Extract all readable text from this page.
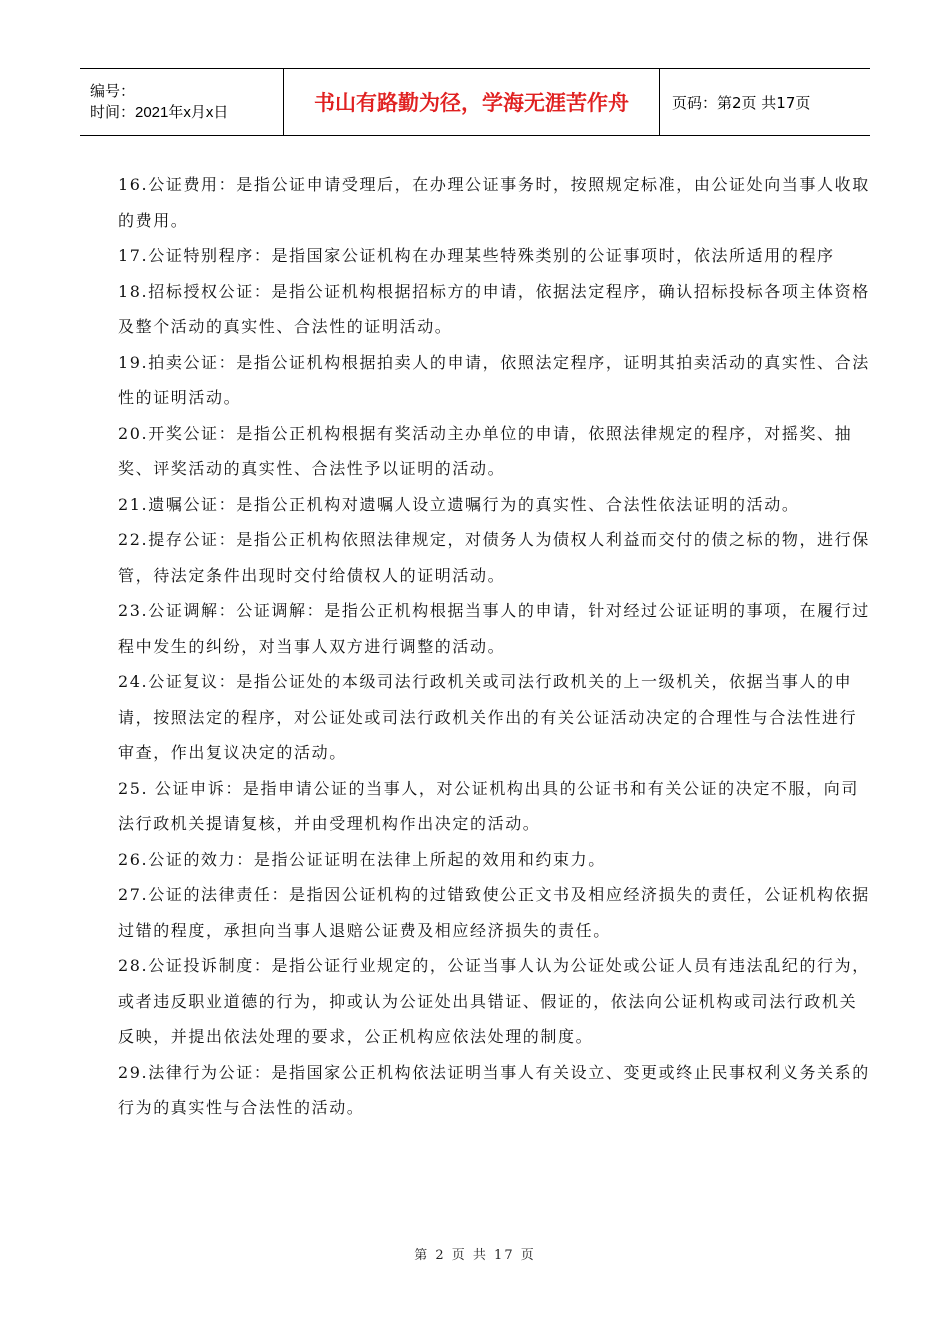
编号：
时间：2021年x月x日	书山有路勤为径，学海无涯苦作舟	页码：第2页 共17页

16.公证费用：是指公证申请受理后，在办理公证事务时，按照规定标准，由公证处向当事人收取的费用。

17.公证特别程序：是指国家公证机构在办理某些特殊类别的公证事项时，依法所适用的程序

18.招标授权公证：是指公证机构根据招标方的申请，依据法定程序，确认招标投标各项主体资格及整个活动的真实性、合法性的证明活动。

19.拍卖公证：是指公证机构根据拍卖人的申请，依照法定程序，证明其拍卖活动的真实性、合法性的证明活动。

20.开奖公证：是指公正机构根据有奖活动主办单位的申请，依照法律规定的程序，对摇奖、抽奖、评奖活动的真实性、合法性予以证明的活动。

21.遗嘱公证：是指公正机构对遗嘱人设立遗嘱行为的真实性、合法性依法证明的活动。

22.提存公证：是指公正机构依照法律规定，对债务人为债权人利益而交付的债之标的物，进行保管，待法定条件出现时交付给债权人的证明活动。

23.公证调解：公证调解：是指公正机构根据当事人的申请，针对经过公证证明的事项，在履行过程中发生的纠纷，对当事人双方进行调整的活动。

24.公证复议：是指公证处的本级司法行政机关或司法行政机关的上一级机关，依据当事人的申请，按照法定的程序，对公证处或司法行政机关作出的有关公证活动决定的合理性与合法性进行审查，作出复议决定的活动。

25. 公证申诉：是指申请公证的当事人，对公证机构出具的公证书和有关公证的决定不服，向司法行政机关提请复核，并由受理机构作出决定的活动。

26.公证的效力：是指公证证明在法律上所起的效用和约束力。

27.公证的法律责任：是指因公证机构的过错致使公正文书及相应经济损失的责任，公证机构依据过错的程度，承担向当事人退赔公证费及相应经济损失的责任。

28.公证投诉制度：是指公证行业规定的，公证当事人认为公证处或公证人员有违法乱纪的行为，或者违反职业道德的行为，抑或认为公证处出具错证、假证的，依法向公证机构或司法行政机关反映，并提出依法处理的要求，公正机构应依法处理的制度。

29.法律行为公证：是指国家公正机构依法证明当事人有关设立、变更或终止民事权利义务关系的行为的真实性与合法性的活动。

第 2 页 共 17 页
